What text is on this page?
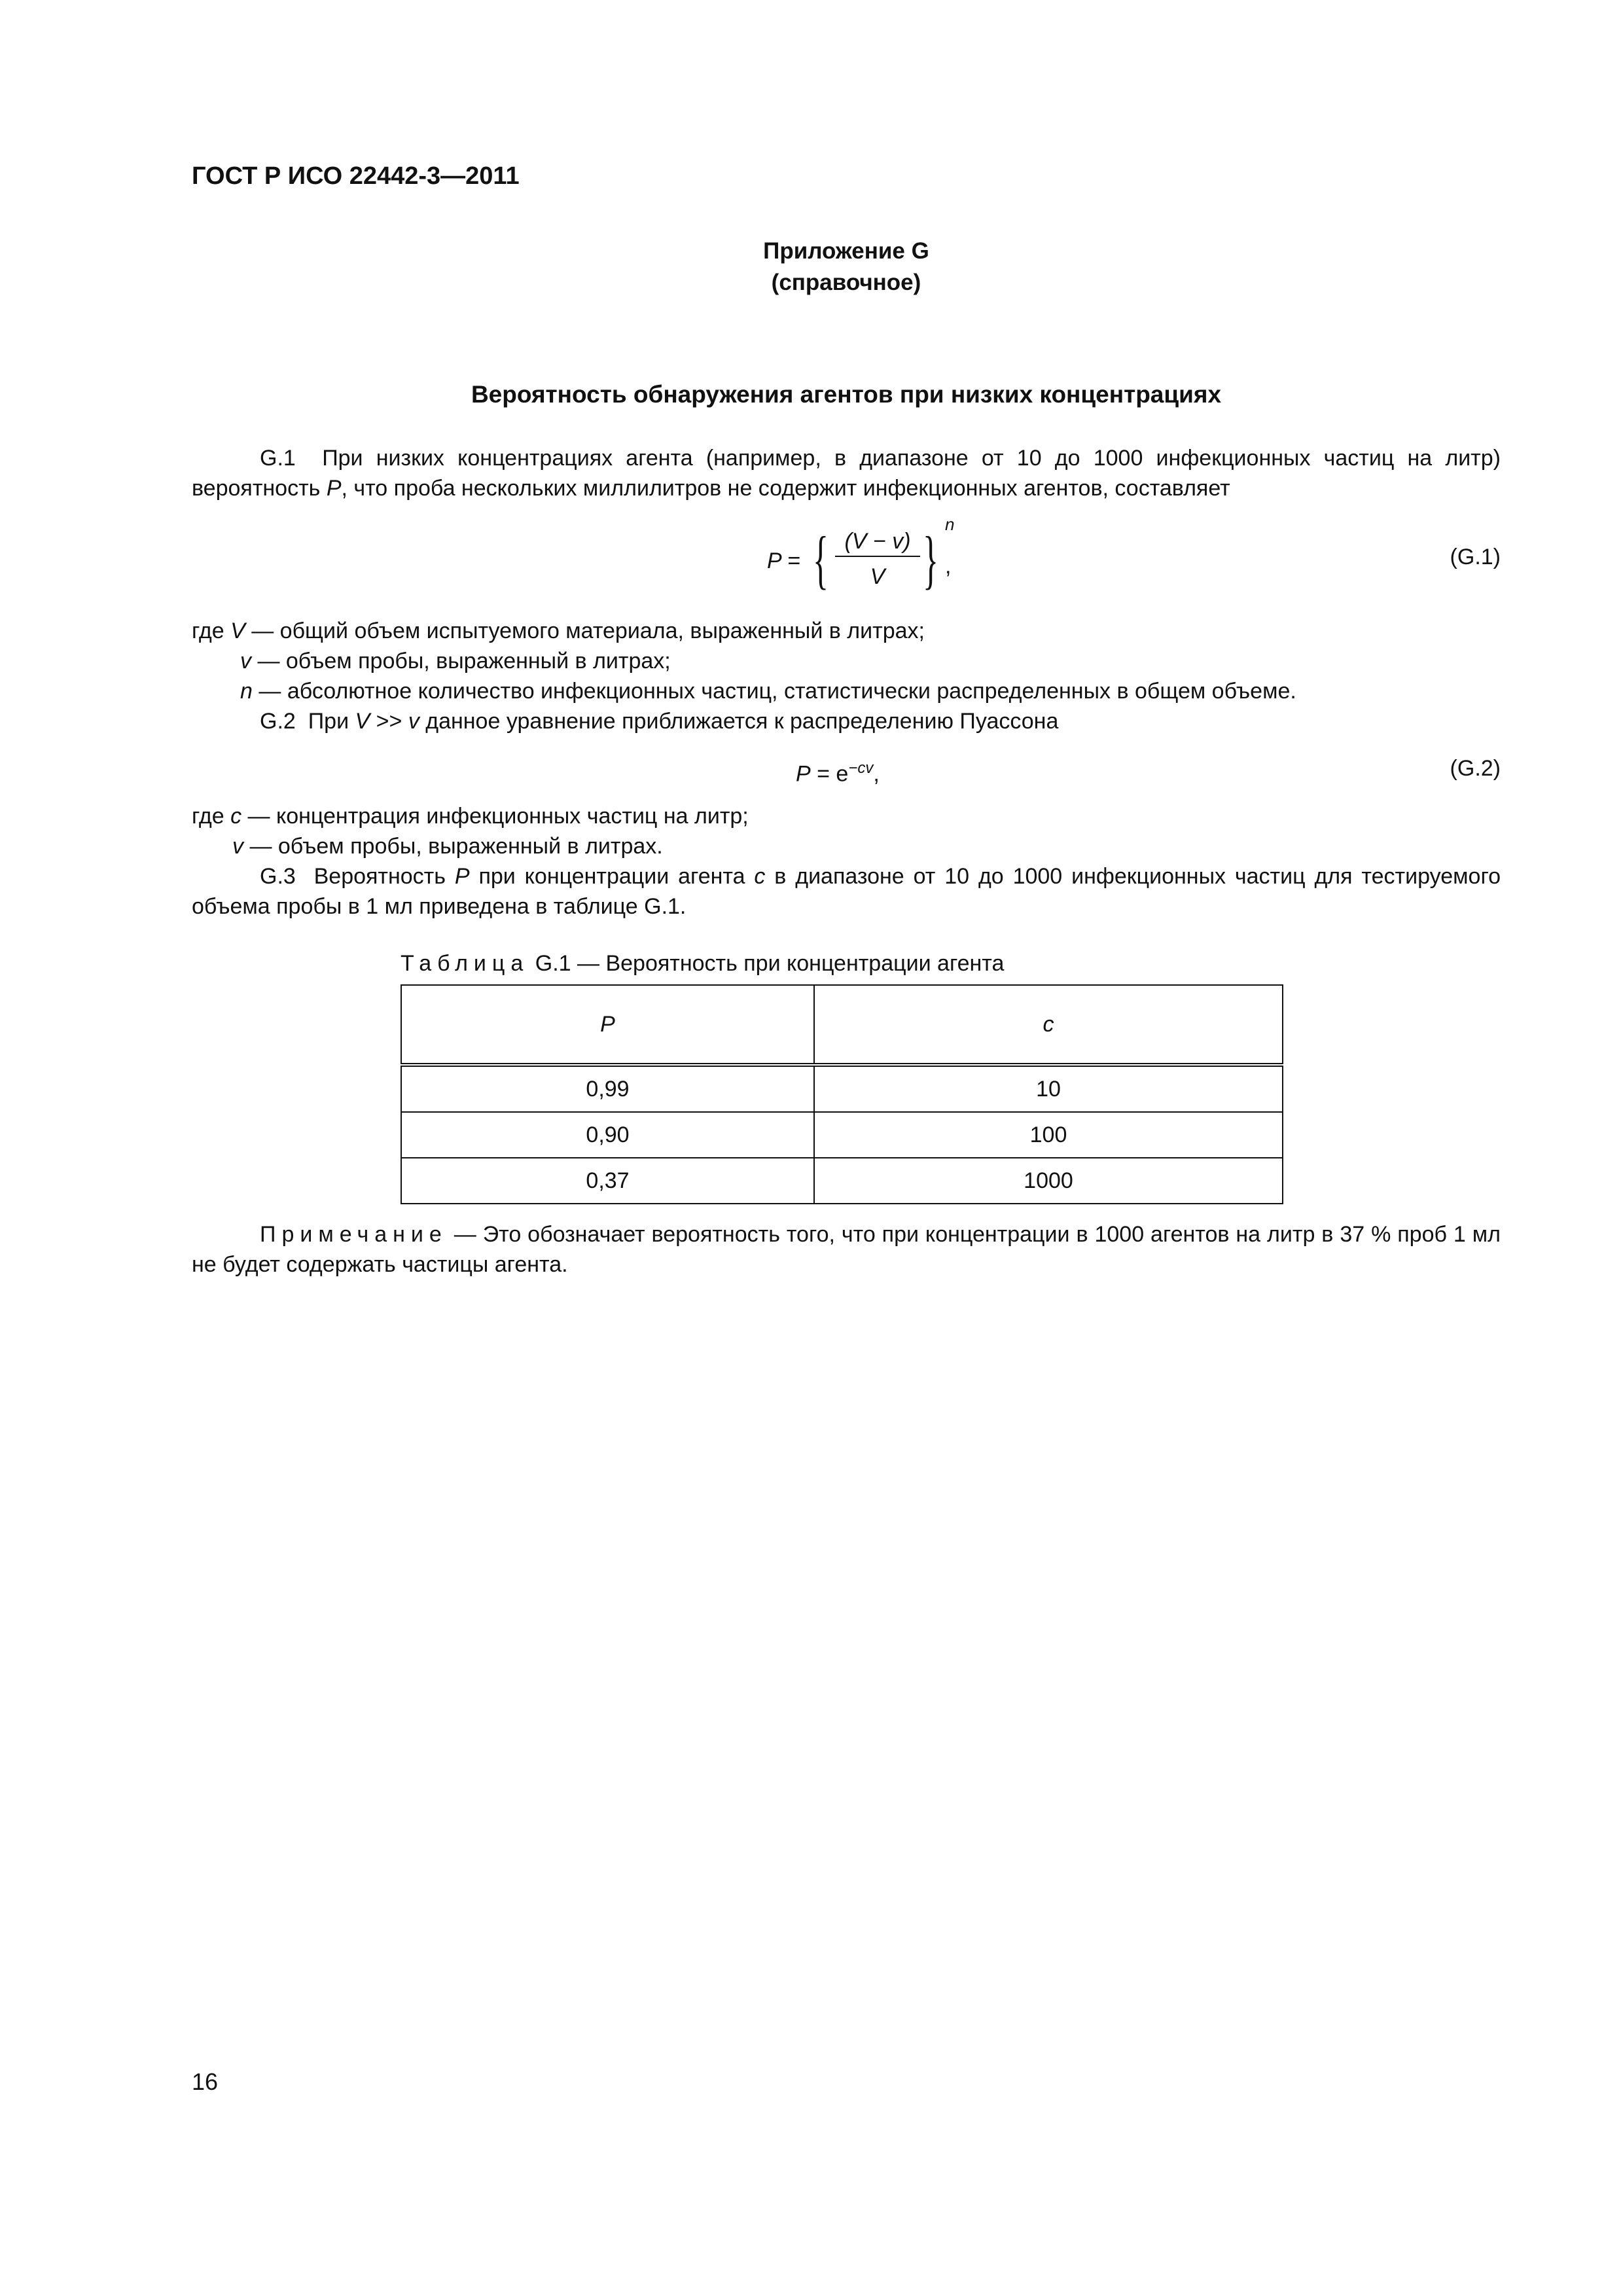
ГОСТ Р ИСО 22442-3—2011
Приложение G
(справочное)
Вероятность обнаружения агентов при низких концентрациях
G.1 При низких концентрациях агента (например, в диапазоне от 10 до 1000 инфекционных частиц на литр) вероятность P, что проба нескольких миллилитров не содержит инфекционных агентов, составляет
P = { (V − v)
V } n
,	(G.1)
где V — общий объем испытуемого материала, выраженный в литрах;
v — объем пробы, выраженный в литрах;
n — абсолютное количество инфекционных частиц, статистически распределенных в общем объеме.
G.2 При V >> v данное уравнение приближается к распределению Пуассона
$P = e^{-cv}$,	(G.2)
где c — концентрация инфекционных частиц на литр;
v — объем пробы, выраженный в литрах.
G.3 Вероятность P при концентрации агента c в диапазоне от 10 до 1000 инфекционных частиц для тестируемого объема пробы в 1 мл приведена в таблице G.1.
Таблица G.1 — Вероятность при концентрации агента
P	c
0,99	10
0,90	100
0,37	1000
Примечание — Это обозначает вероятность того, что при концентрации в 1000 агентов на литр в 37 % проб 1 мл не будет содержать частицы агента.
16
